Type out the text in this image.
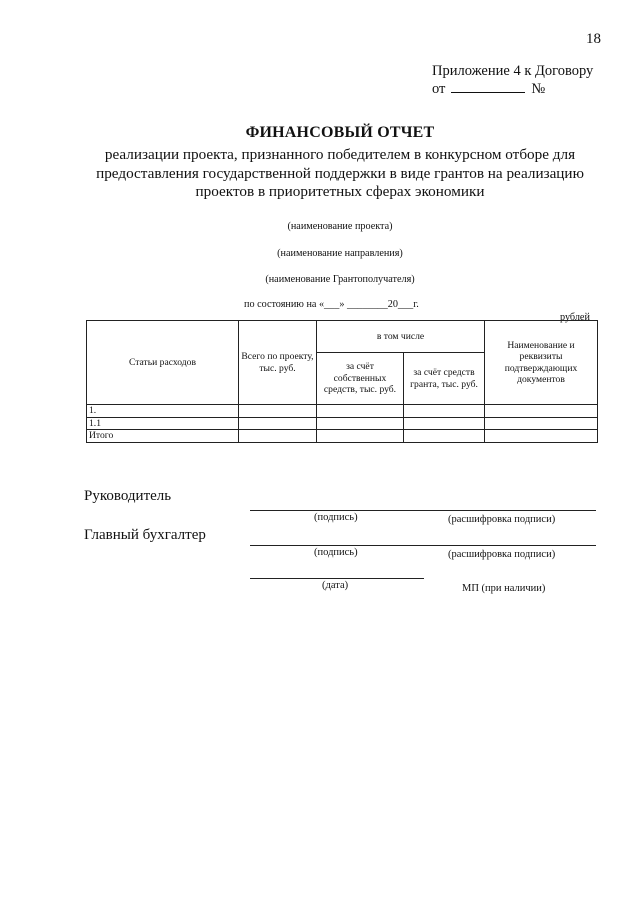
18
Приложение 4 к Договору
от	№
ФИНАНСОВЫЙ ОТЧЕТ
реализации проекта, признанного победителем в конкурсном отборе для предоставления государственной поддержки в виде грантов на реализацию проектов в приоритетных сферах экономики
(наименование проекта)
(наименование направления)
(наименование Грантополучателя)
по состоянию на «___» ________20___г.
рублей
Статьи расходов	Всего по проекту, тыс. руб.	в том числе		Наименование и реквизиты подтверждающих документов
		за счёт собственных средств, тыс. руб.	за счёт средств гранта, тыс. руб.	
1.				
1.1				
Итого				
Руководитель
(подпись)	(расшифровка подписи)
Главный бухгалтер
(подпись)	(расшифровка подписи)
(дата)	МП (при наличии)
